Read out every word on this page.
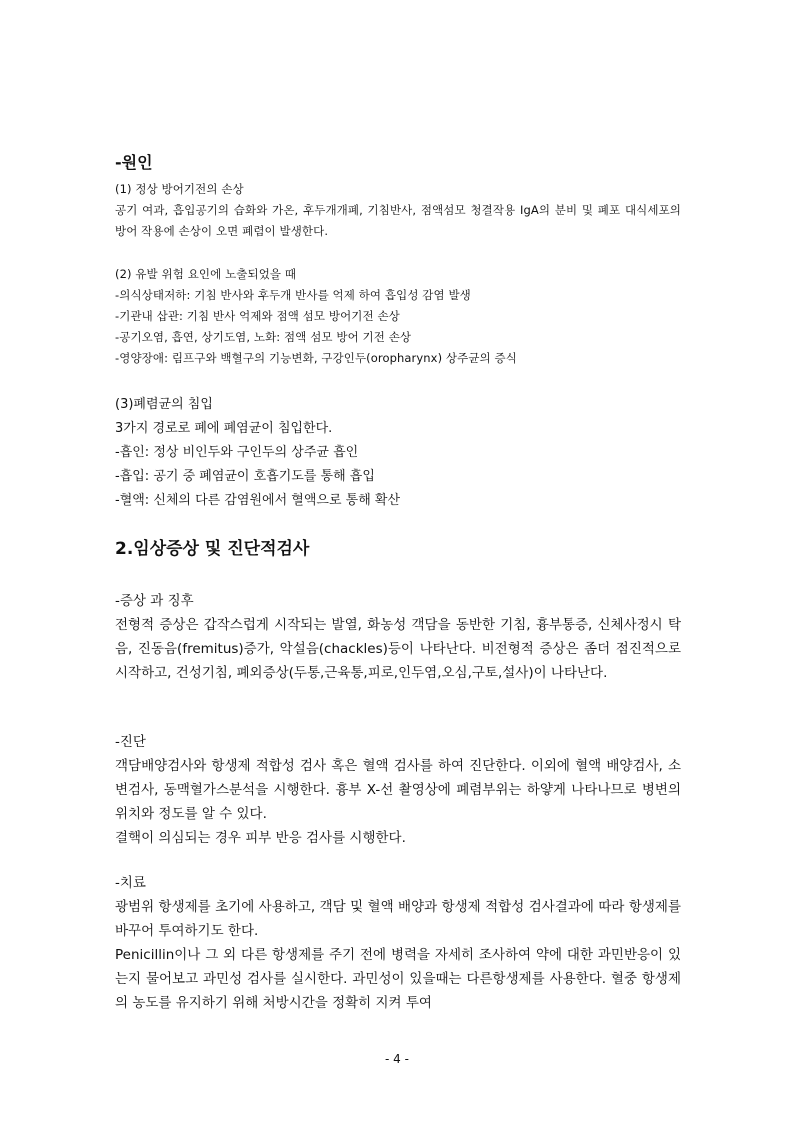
-원인

(1) 정상 방어기전의 손상

공기 여과, 흡입공기의 습화와 가온, 후두개개폐, 기침반사, 점액섬모 청결작용 IgA의 분비 및 폐포 대식세포의 방어 작용에 손상이 오면 폐렴이 발생한다.

(2) 유발 위험 요인에 노출되었을 때

-의식상태저하: 기침 반사와 후두개 반사를 억제 하여 흡입성 감염 발생

-기관내 삽관: 기침 반사 억제와 점액 섬모 방어기전 손상

-공기오염, 흡연, 상기도염, 노화: 점액 섬모 방어 기전 손상

-영양장애: 림프구와 백혈구의 기능변화, 구강인두(oropharynx) 상주균의 증식

(3)폐렴균의 침입

3가지 경로로 폐에 폐염균이 침입한다.

-흡인: 정상 비인두와 구인두의 상주균 흡인

-흡입: 공기 중 폐염균이 호흡기도를 통해 흡입

-혈액: 신체의 다른 감염원에서 혈액으로 통해 확산

2.임상증상 및 진단적검사

-증상 과 징후

전형적 증상은 갑작스럽게 시작되는 발열, 화농성 객담을 동반한 기침, 흉부통증, 신체사정시 탁음, 진동음(fremitus)증가, 악설음(chackles)등이 나타난다. 비전형적 증상은 좀더 점진적으로 시작하고, 건성기침, 폐외증상(두통,근육통,피로,인두염,오심,구토,설사)이 나타난다.

-진단

객담배양검사와 항생제 적합성 검사 혹은 혈액 검사를 하여 진단한다. 이외에 혈액 배양검사, 소변검사, 동맥혈가스분석을 시행한다. 흉부 X-선 촬영상에 폐렴부위는 하얗게 나타나므로 병변의 위치와 정도를 알 수 있다.

결핵이 의심되는 경우 피부 반응 검사를 시행한다.

-치료

광범위 항생제를 초기에 사용하고, 객담 및 혈액 배양과 항생제 적합성 검사결과에 따라 항생제를 바꾸어 투여하기도 한다.

Penicillin이나 그 외 다른 항생제를 주기 전에 병력을 자세히 조사하여 약에 대한 과민반응이 있는지 물어보고 과민성 검사를 실시한다. 과민성이 있을때는 다른항생제를 사용한다. 혈중 항생제의 농도를 유지하기 위해 처방시간을 정확히 지켜 투여

- 4 -
